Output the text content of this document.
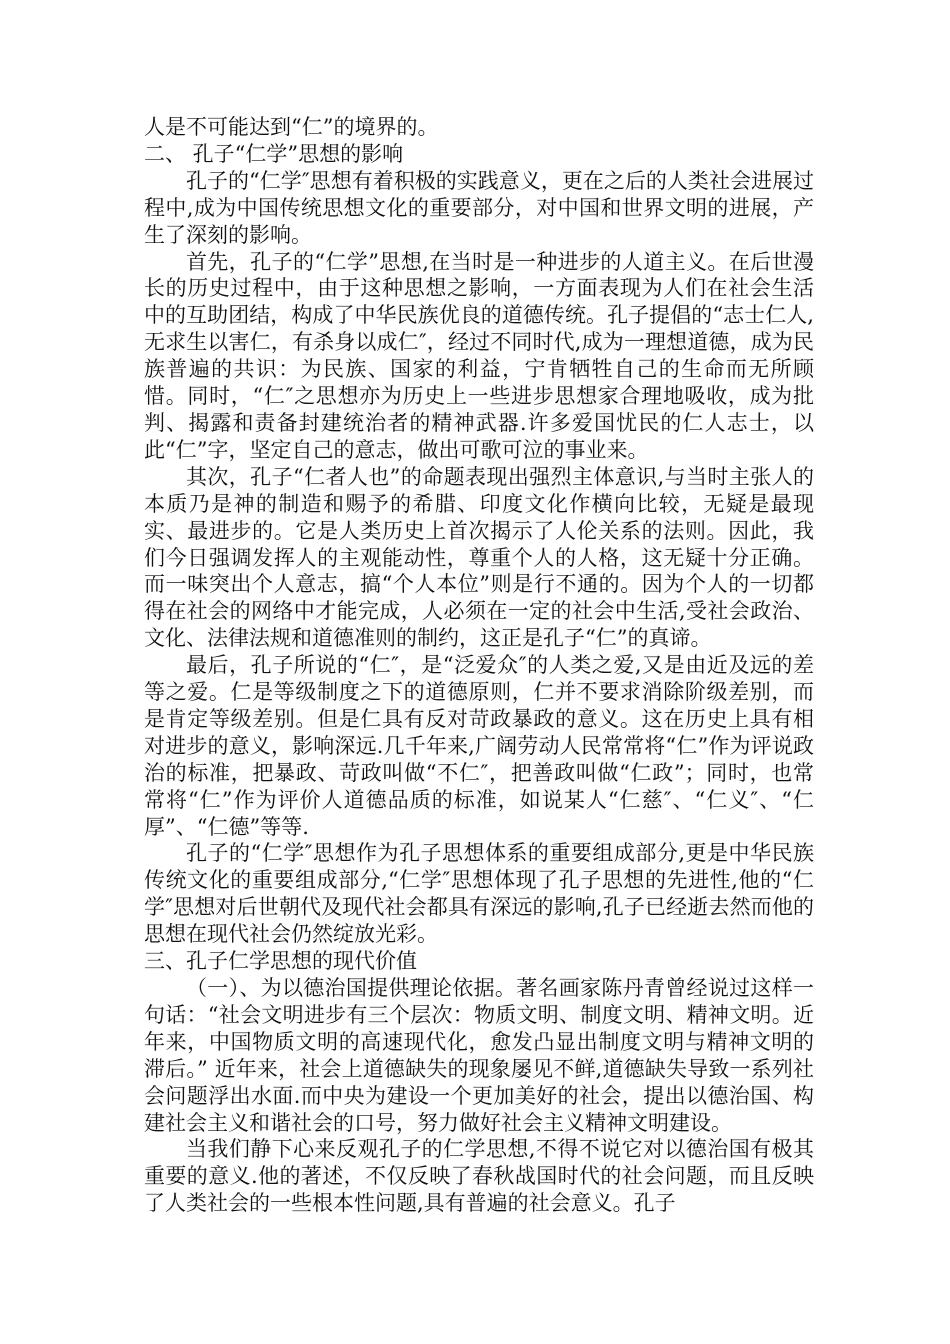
人是不可能达到“仁”的境界的。

二、 孔子“仁学”思想的影响

孔子的“仁学″思想有着积极的实践意义，更在之后的人类社会进展过程中,成为中国传统思想文化的重要部分，对中国和世界文明的进展，产生了深刻的影响。

首先，孔子的“仁学”思想,在当时是一种进步的人道主义。在后世漫长的历史过程中，由于这种思想之影响，一方面表现为人们在社会生活中的互助团结，构成了中华民族优良的道德传统。孔子提倡的“志士仁人,无求生以害仁，有杀身以成仁″，经过不同时代,成为一理想道德，成为民族普遍的共识：为民族、国家的利益，宁肯牺牲自己的生命而无所顾惜。同时，“仁″之思想亦为历史上一些进步思想家合理地吸收，成为批判、揭露和责备封建统治者的精神武器.许多爱国忧民的仁人志士，以此“仁”字，坚定自己的意志，做出可歌可泣的事业来。

其次，孔子“仁者人也”的命题表现出强烈主体意识,与当时主张人的本质乃是神的制造和赐予的希腊、印度文化作横向比较，无疑是最现实、最进步的。它是人类历史上首次揭示了人伦关系的法则。因此，我们今日强调发挥人的主观能动性，尊重个人的人格，这无疑十分正确。而一味突出个人意志，搞“个人本位”则是行不通的。因为个人的一切都得在社会的网络中才能完成，人必须在一定的社会中生活,受社会政治、文化、法律法规和道德准则的制约，这正是孔子“仁”的真谛。

最后，孔子所说的“仁″，是“泛爱众″的人类之爱,又是由近及远的差等之爱。仁是等级制度之下的道德原则，仁并不要求消除阶级差别，而是肯定等级差别。但是仁具有反对苛政暴政的意义。这在历史上具有相对进步的意义，影响深远.几千年来,广阔劳动人民常常将“仁”作为评说政治的标准，把暴政、苛政叫做“不仁″，把善政叫做“仁政”；同时，也常常将“仁”作为评价人道德品质的标准，如说某人“仁慈″、“仁义″、“仁厚”、“仁德”等等.

孔子的“仁学″思想作为孔子思想体系的重要组成部分,更是中华民族传统文化的重要组成部分,“仁学″思想体现了孔子思想的先进性,他的“仁学″思想对后世朝代及现代社会都具有深远的影响,孔子已经逝去然而他的思想在现代社会仍然绽放光彩。

三、孔子仁学思想的现代价值

（一）、为以德治国提供理论依据。著名画家陈丹青曾经说过这样一句话：“社会文明进步有三个层次：物质文明、制度文明、精神文明。近年来，中国物质文明的高速现代化，愈发凸显出制度文明与精神文明的滞后。” 近年来，社会上道德缺失的现象屡见不鲜,道德缺失导致一系列社会问题浮出水面.而中央为建设一个更加美好的社会，提出以德治国、构建社会主义和谐社会的口号，努力做好社会主义精神文明建设。

当我们静下心来反观孔子的仁学思想,不得不说它对以德治国有极其重要的意义.他的著述，不仅反映了春秋战国时代的社会问题，而且反映了人类社会的一些根本性问题,具有普遍的社会意义。孔子
